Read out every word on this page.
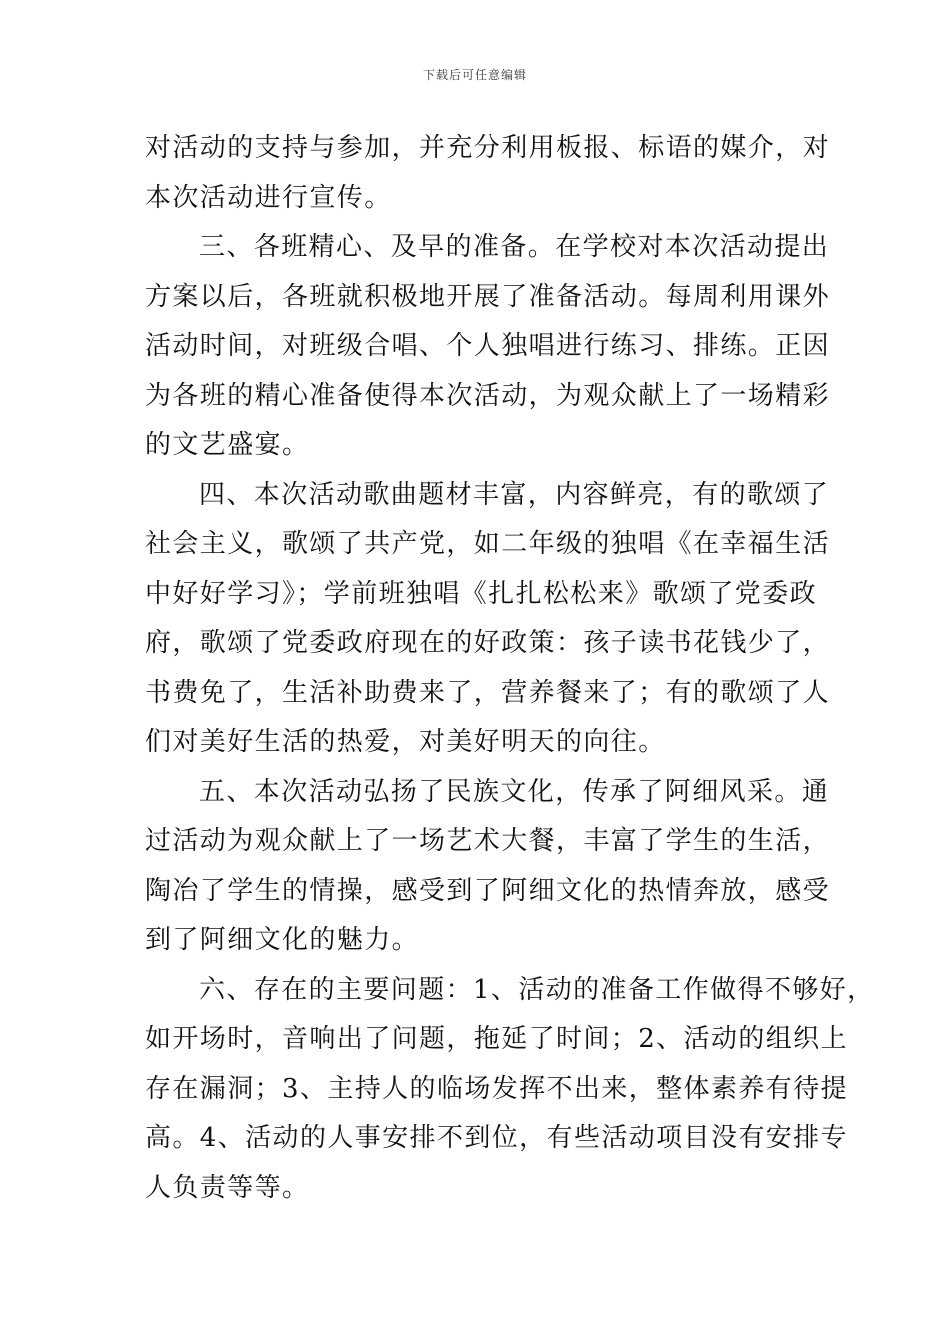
下载后可任意编辑
对活动的支持与参加，并充分利用板报、标语的媒介，对
本次活动进行宣传。
三、各班精心、及早的准备。在学校对本次活动提出
方案以后，各班就积极地开展了准备活动。每周利用课外
活动时间，对班级合唱、个人独唱进行练习、排练。正因
为各班的精心准备使得本次活动，为观众献上了一场精彩
的文艺盛宴。
四、本次活动歌曲题材丰富，内容鲜亮，有的歌颂了
社会主义，歌颂了共产党，如二年级的独唱《在幸福生活
中好好学习》；学前班独唱《扎扎松松来》歌颂了党委政
府，歌颂了党委政府现在的好政策：孩子读书花钱少了，
书费免了，生活补助费来了，营养餐来了；有的歌颂了人
们对美好生活的热爱，对美好明天的向往。
五、本次活动弘扬了民族文化，传承了阿细风采。通
过活动为观众献上了一场艺术大餐，丰富了学生的生活，
陶冶了学生的情操，感受到了阿细文化的热情奔放，感受
到了阿细文化的魅力。
六、存在的主要问题：1、活动的准备工作做得不够好，
如开场时，音响出了问题，拖延了时间；2、活动的组织上
存在漏洞；3、主持人的临场发挥不出来，整体素养有待提
高。4、活动的人事安排不到位，有些活动项目没有安排专
人负责等等。
